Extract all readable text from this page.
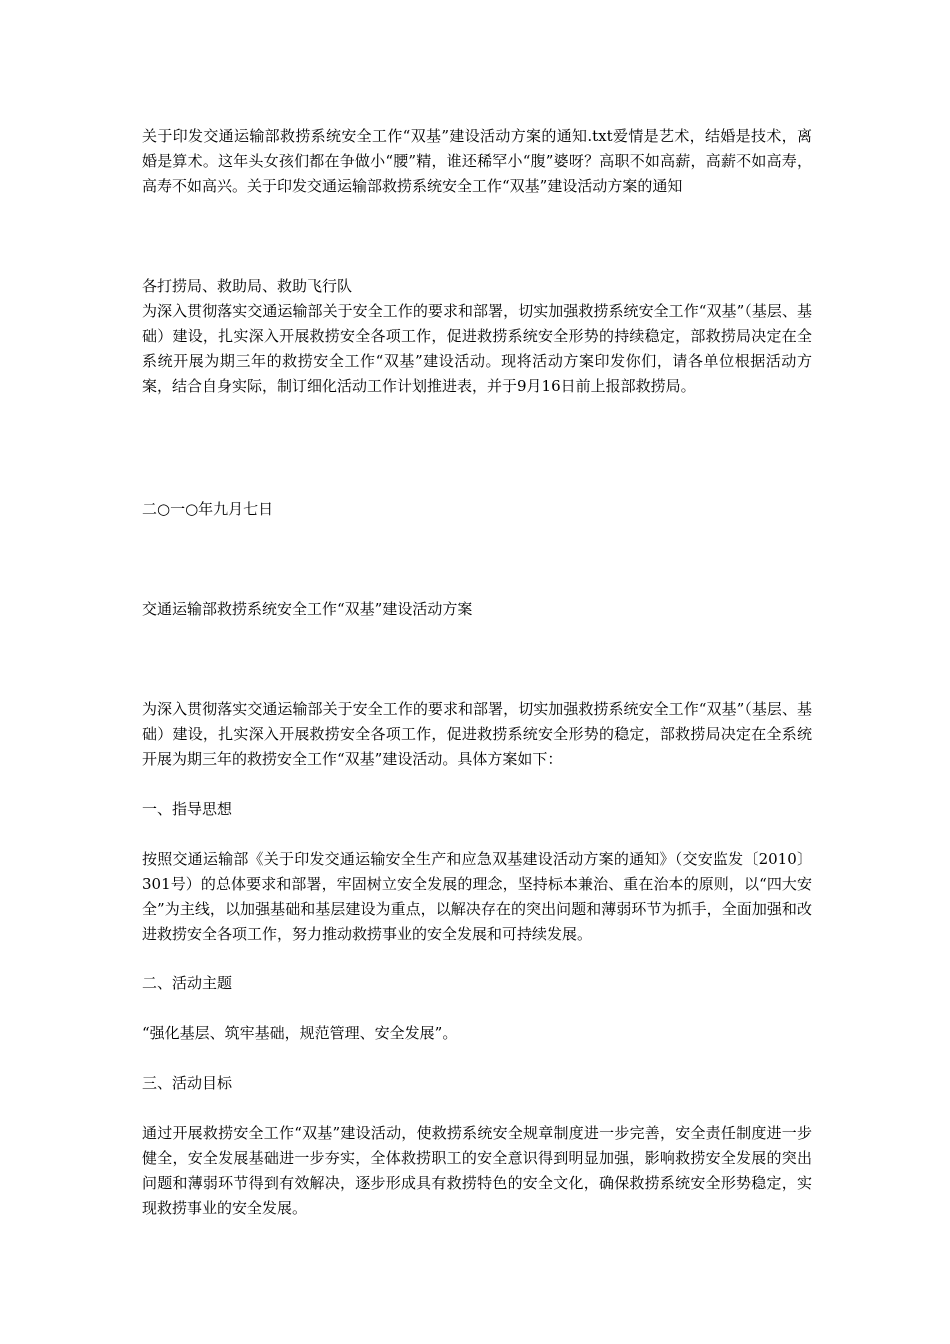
关于印发交通运输部救捞系统安全工作“双基”建设活动方案的通知.txt爱情是艺术，结婚是技术，离婚是算术。这年头女孩们都在争做小“腰”精，谁还稀罕小“腹”婆呀？高职不如高薪，高薪不如高寿，高寿不如高兴。关于印发交通运输部救捞系统安全工作“双基”建设活动方案的通知

各打捞局、救助局、救助飞行队

为深入贯彻落实交通运输部关于安全工作的要求和部署，切实加强救捞系统安全工作“双基”（基层、基础）建设，扎实深入开展救捞安全各项工作，促进救捞系统安全形势的持续稳定，部救捞局决定在全系统开展为期三年的救捞安全工作“双基”建设活动。现将活动方案印发你们，请各单位根据活动方案，结合自身实际，制订细化活动工作计划推进表，并于9月16日前上报部救捞局。

二○一○年九月七日

交通运输部救捞系统安全工作“双基”建设活动方案

为深入贯彻落实交通运输部关于安全工作的要求和部署，切实加强救捞系统安全工作“双基”（基层、基础）建设，扎实深入开展救捞安全各项工作，促进救捞系统安全形势的稳定，部救捞局决定在全系统开展为期三年的救捞安全工作“双基”建设活动。具体方案如下：

一、指导思想

按照交通运输部《关于印发交通运输安全生产和应急双基建设活动方案的通知》（交安监发〔2010〕301号）的总体要求和部署，牢固树立安全发展的理念，坚持标本兼治、重在治本的原则，以“四大安全”为主线，以加强基础和基层建设为重点，以解决存在的突出问题和薄弱环节为抓手，全面加强和改进救捞安全各项工作，努力推动救捞事业的安全发展和可持续发展。

二、活动主题

“强化基层、筑牢基础，规范管理、安全发展”。

三、活动目标

通过开展救捞安全工作“双基”建设活动，使救捞系统安全规章制度进一步完善，安全责任制度进一步健全，安全发展基础进一步夯实，全体救捞职工的安全意识得到明显加强，影响救捞安全发展的突出问题和薄弱环节得到有效解决，逐步形成具有救捞特色的安全文化，确保救捞系统安全形势稳定，实现救捞事业的安全发展。
